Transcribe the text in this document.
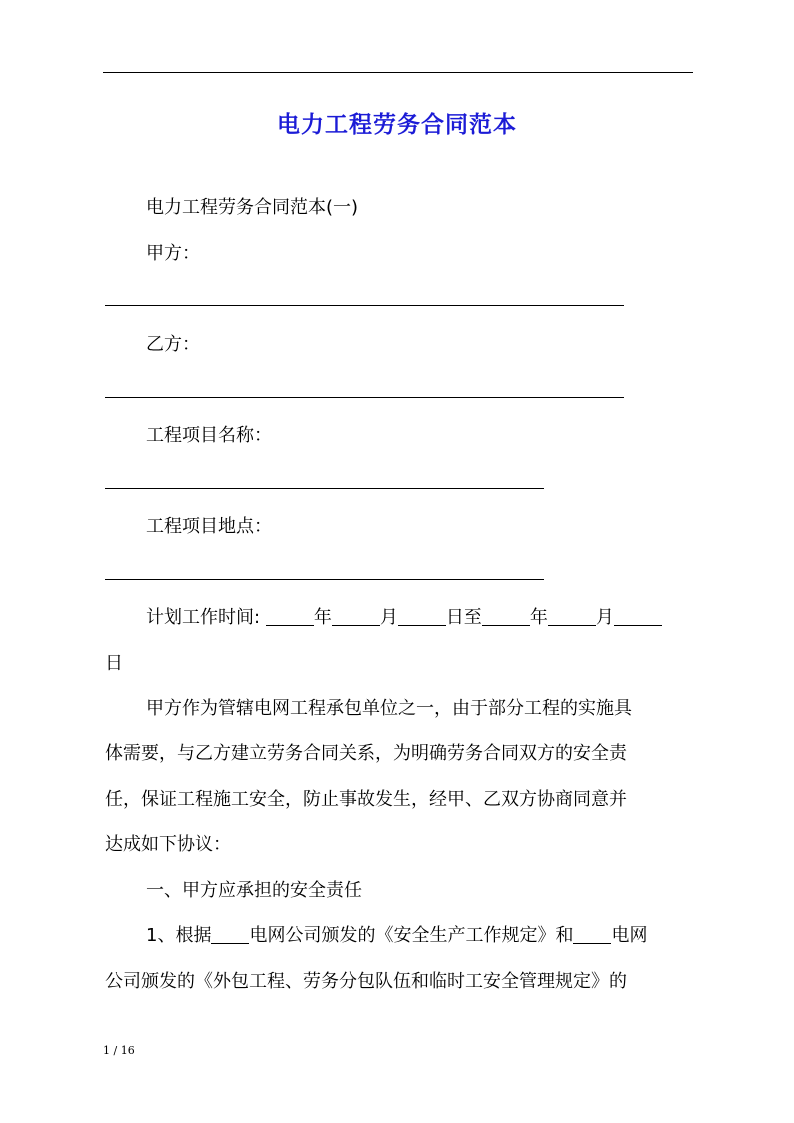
电力工程劳务合同范本
电力工程劳务合同范本(一)
甲方：
乙方：
工程项目名称：
工程项目地点：
计划工作时间:	年	月	日至	年	月
日
甲方作为管辖电网工程承包单位之一，由于部分工程的实施具
体需要，与乙方建立劳务合同关系，为明确劳务合同双方的安全责
任，保证工程施工安全，防止事故发生，经甲、乙双方协商同意并
达成如下协议：
一、甲方应承担的安全责任
1、根据 电网公司颁发的《安全生产工作规定》和 电网
公司颁发的《外包工程、劳务分包队伍和临时工安全管理规定》的
1 / 16
